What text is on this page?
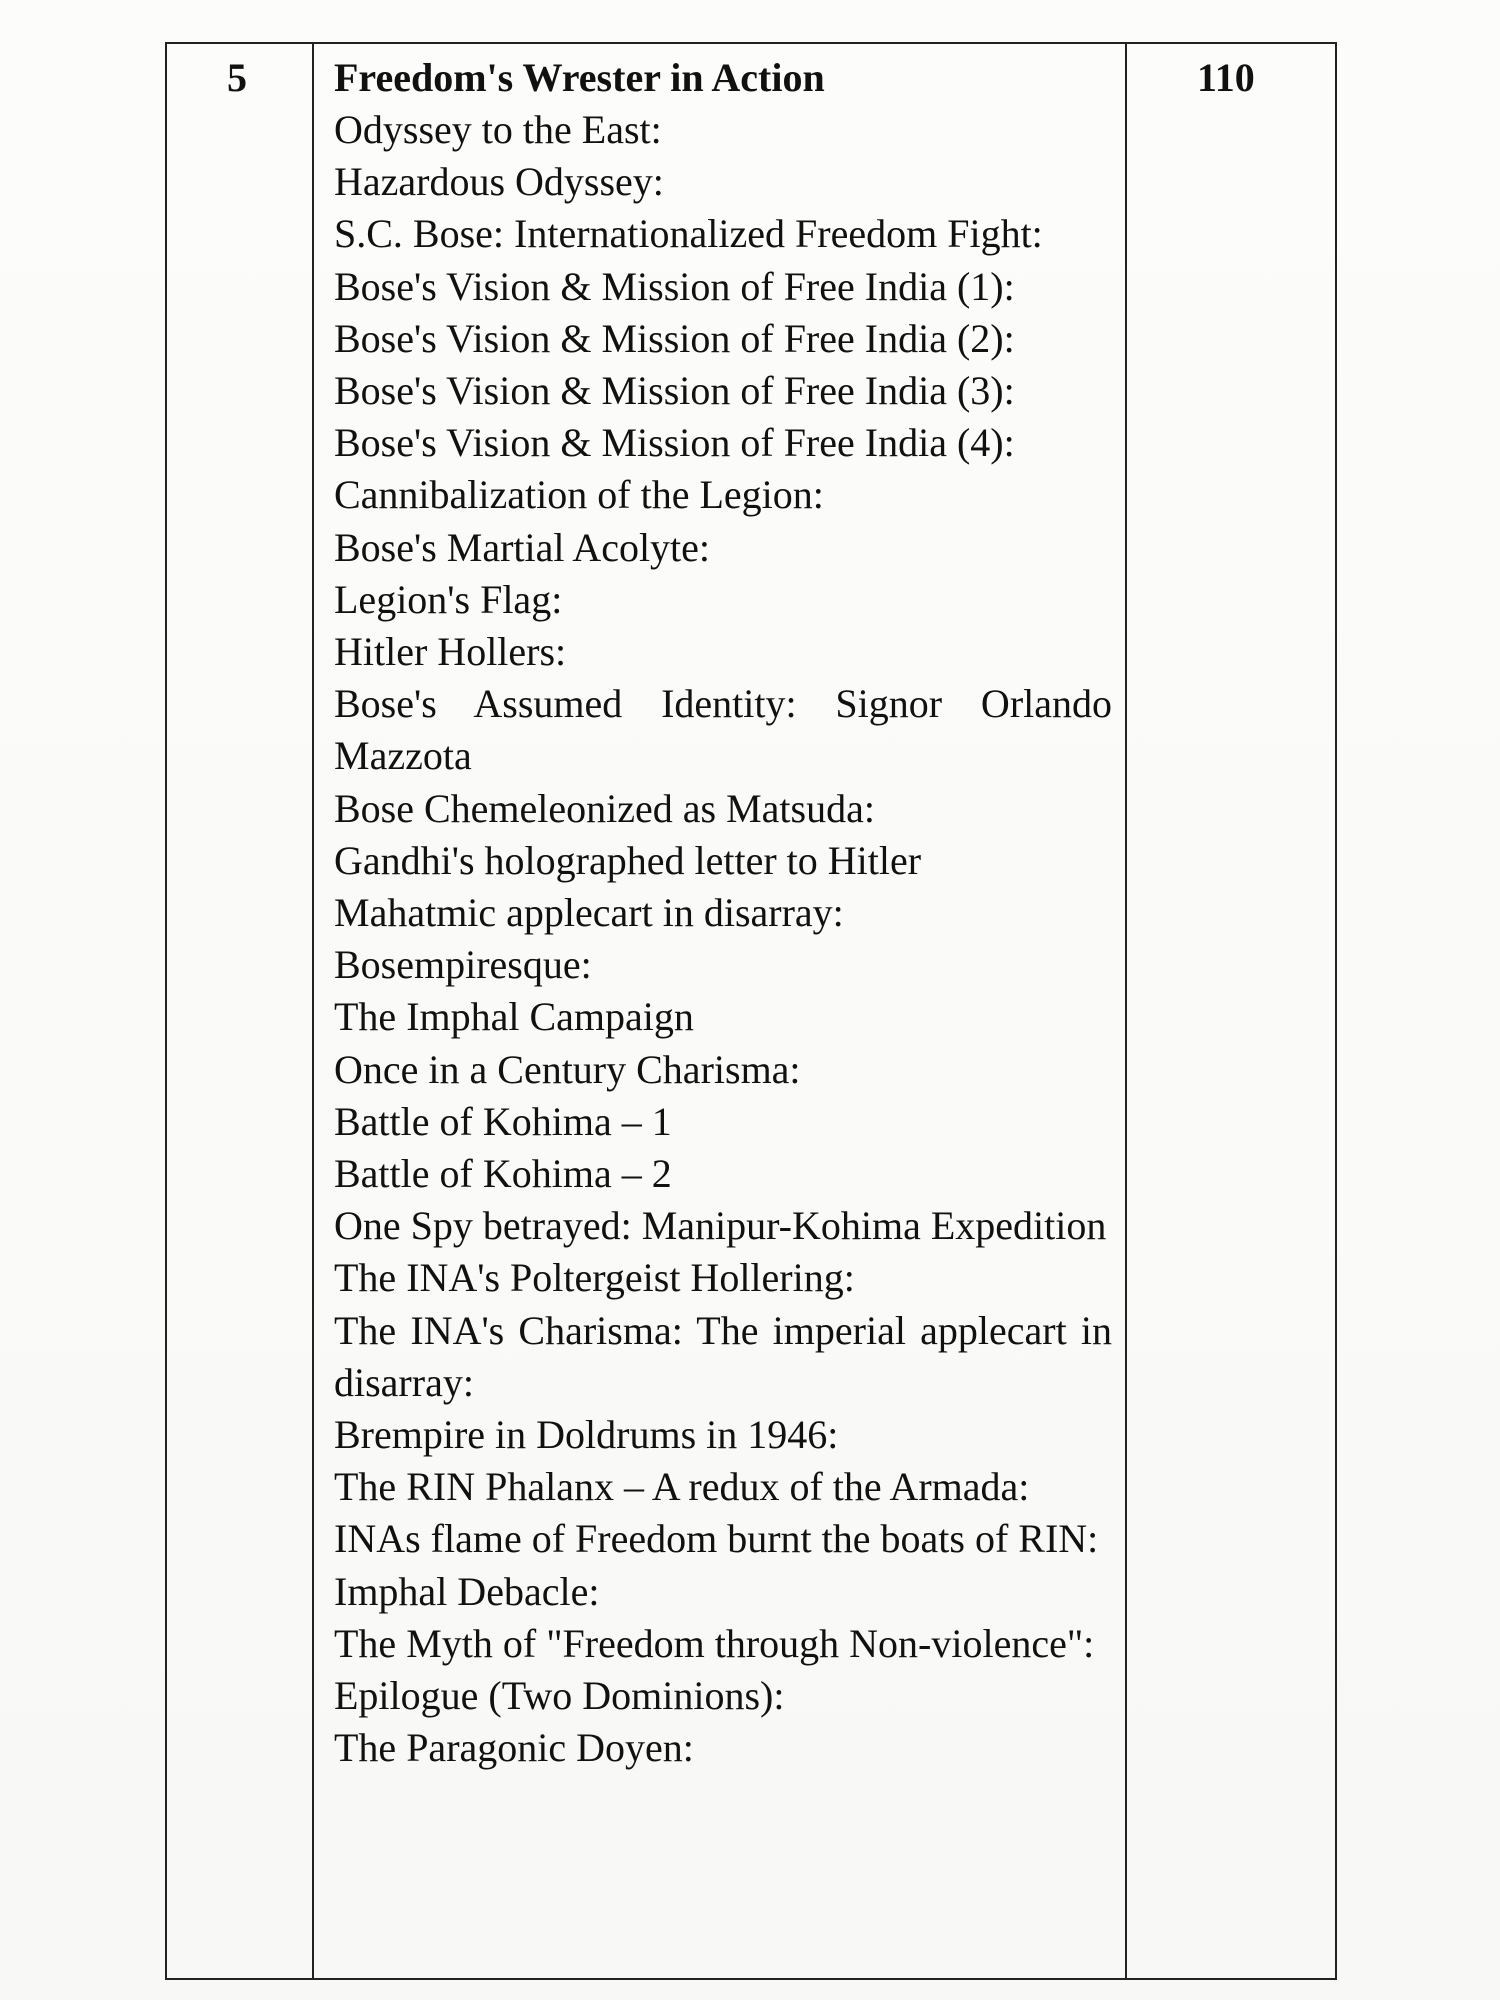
5 Freedom's Wrester in Action
Odyssey to the East:
Hazardous Odyssey:
S.C. Bose: Internationalized Freedom Fight:
Bose's Vision & Mission of Free India (1):
Bose's Vision & Mission of Free India (2):
Bose's Vision & Mission of Free India (3):
Bose's Vision & Mission of Free India (4):
Cannibalization of the Legion:
Bose's Martial Acolyte:
Legion's Flag:
Hitler Hollers:
Bose's Assumed Identity: Signor Orlando Mazzota
Bose Chemeleonized as Matsuda:
Gandhi's holographed letter to Hitler
Mahatmic applecart in disarray:
Bosempiresque:
The Imphal Campaign
Once in a Century Charisma:
Battle of Kohima – 1
Battle of Kohima – 2
One Spy betrayed: Manipur-Kohima Expedition
The INA's Poltergeist Hollering:
The INA's Charisma: The imperial applecart in disarray:
Brempire in Doldrums in 1946:
The RIN Phalanx – A redux of the Armada:
INAs flame of Freedom burnt the boats of RIN:
Imphal Debacle:
The Myth of "Freedom through Non-violence":
Epilogue (Two Dominions):
The Paragonic Doyen:
110
